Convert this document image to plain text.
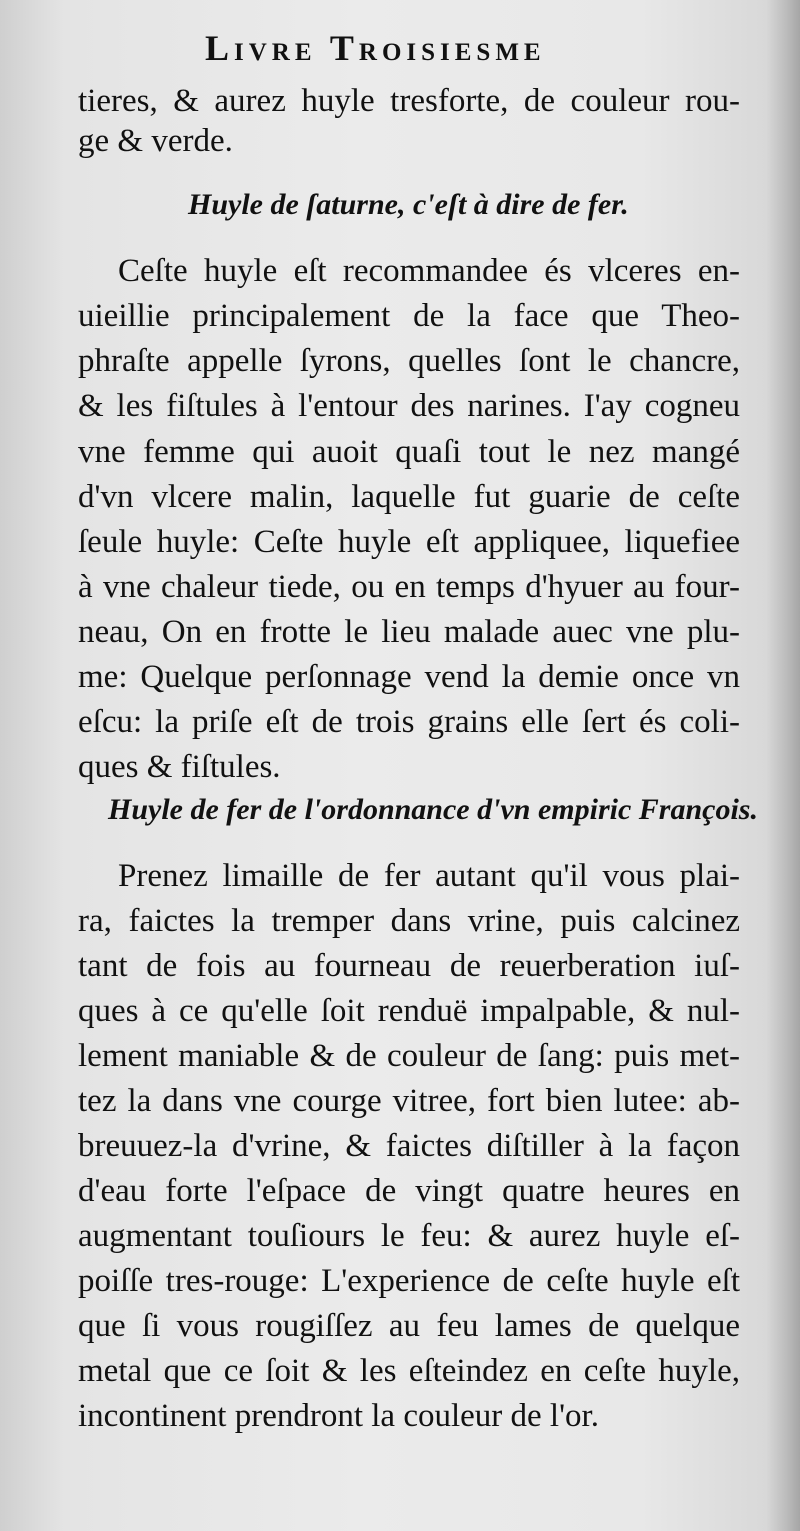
Livre Troisiesme
tieres, & aurez huyle tresforte, de couleur rou-
ge & verde.
Huyle de ſaturne, c'eſt à dire de fer.
Ceſte huyle eſt recommandee és vlceres en-
uieillie principalement de la face que Theo-
phraſte appelle ſyrons, quelles ſont le chancre,
& les fiſtules à l'entour des narines. I'ay cogneu
vne femme qui auoit quaſi tout le nez mangé
d'vn vlcere malin, laquelle fut guarie de ceſte
ſeule huyle: Ceſte huyle eſt appliquee, liquefiee
à vne chaleur tiede, ou en temps d'hyuer au four-
neau, On en frotte le lieu malade auec vne plu-
me: Quelque perſonnage vend la demie once vn
eſcu: la priſe eſt de trois grains elle ſert és coli-
ques & fiſtules.
Huyle de fer de l'ordonnance d'vn empiric François.
Prenez limaille de fer autant qu'il vous plai-
ra, faictes la tremper dans vrine, puis calcinez
tant de fois au fourneau de reuerberation iuſ-
ques à ce qu'elle ſoit renduë impalpable, & nul-
lement maniable & de couleur de ſang: puis met-
tez la dans vne courge vitree, fort bien lutee: ab-
breuuez-la d'vrine, & faictes diſtiller à la façon
d'eau forte l'eſpace de vingt quatre heures en
augmentant touſiours le feu: & aurez huyle eſ-
poiſſe tres-rouge: L'experience de ceſte huyle eſt
que ſi vous rougiſſez au feu lames de quelque
metal que ce ſoit & les eſteindez en ceſte huyle,
incontinent prendront la couleur de l'or.
